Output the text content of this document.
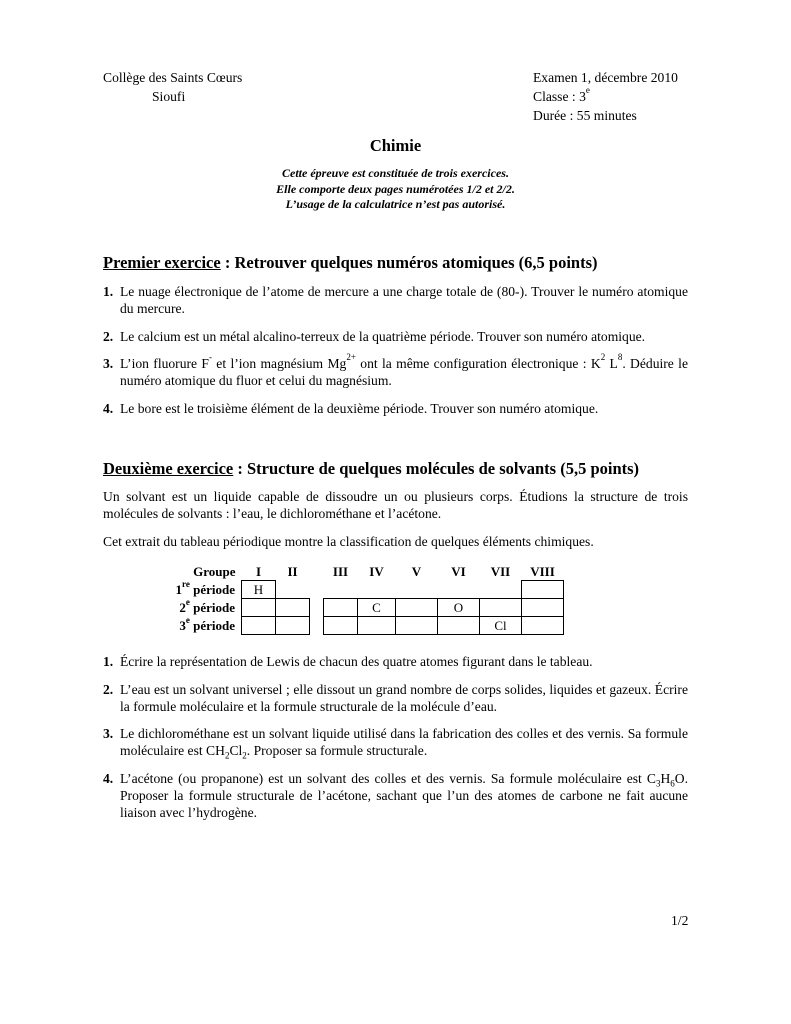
Collège des Saints Cœurs
Sioufi
Examen 1, décembre 2010
Classe : 3e
Durée : 55 minutes
Chimie
Cette épreuve est constituée de trois exercices.
Elle comporte deux pages numérotées 1/2 et 2/2.
L’usage de la calculatrice n’est pas autorisé.
Premier exercice : Retrouver quelques numéros atomiques (6,5 points)
1. Le nuage électronique de l’atome de mercure a une charge totale de (80-). Trouver le numéro atomique du mercure.
2. Le calcium est un métal alcalino-terreux de la quatrième période. Trouver son numéro atomique.
3. L’ion fluorure F- et l’ion magnésium $Mg^{2+}$ ont la même configuration électronique : $K^2$ $L^8$. Déduire le numéro atomique du fluor et celui du magnésium.
4. Le bore est le troisième élément de la deuxième période. Trouver son numéro atomique.
Deuxième exercice : Structure de quelques molécules de solvants (5,5 points)
Un solvant est un liquide capable de dissoudre un ou plusieurs corps. Étudions la structure de trois molécules de solvants : l’eau, le dichlorométhane et l’acétone.
Cet extrait du tableau périodique montre la classification de quelques éléments chimiques.
Groupe	I	II		III	IV	V	VI	VII	VIII
1re période	H								
2e période					C		O		
3e période								Cl	
1. Écrire la représentation de Lewis de chacun des quatre atomes figurant dans le tableau.
2. L’eau est un solvant universel ; elle dissout un grand nombre de corps solides, liquides et gazeux. Écrire la formule moléculaire et la formule structurale de la molécule d’eau.
3. Le dichlorométhane est un solvant liquide utilisé dans la fabrication des colles et des vernis. Sa formule moléculaire est $CH_2Cl_2$. Proposer sa formule structurale.
4. L’acétone (ou propanone) est un solvant des colles et des vernis. Sa formule moléculaire est $C_3H_6O$. Proposer la formule structurale de l’acétone, sachant que l’un des atomes de carbone ne fait aucune liaison avec l’hydrogène.
1/2
